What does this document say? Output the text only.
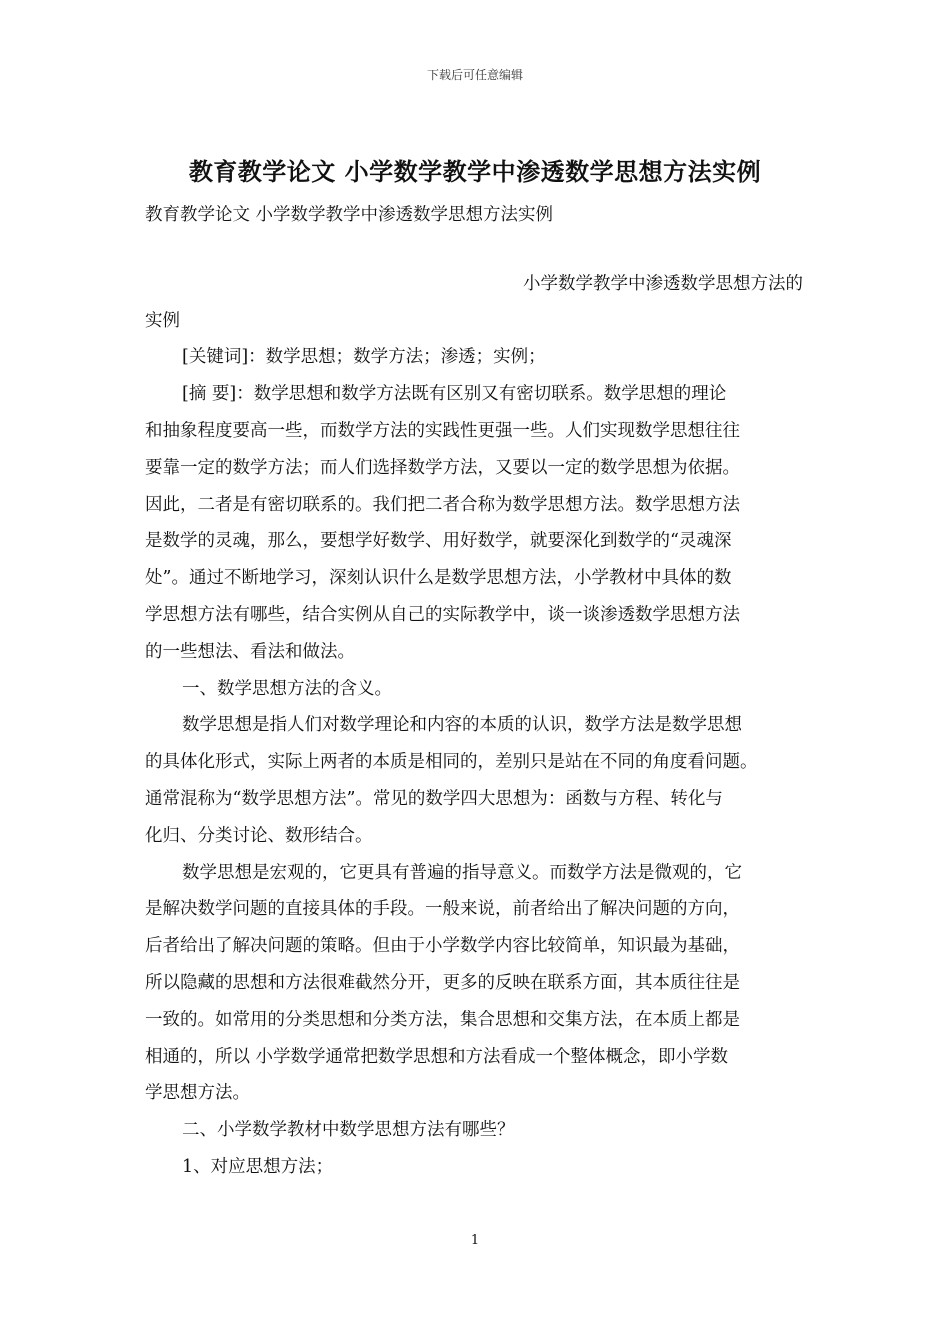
下载后可任意编辑
教育教学论文 小学数学教学中渗透数学思想方法实例
教育教学论文 小学数学教学中渗透数学思想方法实例
小学数学教学中渗透数学思想方法的
实例
[关键词]：数学思想；数学方法；渗透；实例；
[摘 要]：数学思想和数学方法既有区别又有密切联系。数学思想的理论
和抽象程度要高一些，而数学方法的实践性更强一些。人们实现数学思想往往
要靠一定的数学方法；而人们选择数学方法，又要以一定的数学思想为依据。
因此，二者是有密切联系的。我们把二者合称为数学思想方法。数学思想方法
是数学的灵魂，那么，要想学好数学、用好数学，就要深化到数学的“灵魂深
处”。通过不断地学习，深刻认识什么是数学思想方法，小学教材中具体的数
学思想方法有哪些，结合实例从自己的实际教学中，谈一谈渗透数学思想方法
的一些想法、看法和做法。
一、数学思想方法的含义。
数学思想是指人们对数学理论和内容的本质的认识，数学方法是数学思想
的具体化形式，实际上两者的本质是相同的，差别只是站在不同的角度看问题。
通常混称为“数学思想方法”。常见的数学四大思想为：函数与方程、转化与
化归、分类讨论、数形结合。
数学思想是宏观的，它更具有普遍的指导意义。而数学方法是微观的，它
是解决数学问题的直接具体的手段。一般来说，前者给出了解决问题的方向，
后者给出了解决问题的策略。但由于小学数学内容比较简单，知识最为基础，
所以隐藏的思想和方法很难截然分开，更多的反映在联系方面，其本质往往是
一致的。如常用的分类思想和分类方法，集合思想和交集方法，在本质上都是
相通的，所以 小学数学通常把数学思想和方法看成一个整体概念，即小学数
学思想方法。
二、小学数学教材中数学思想方法有哪些？
1、对应思想方法；
1
